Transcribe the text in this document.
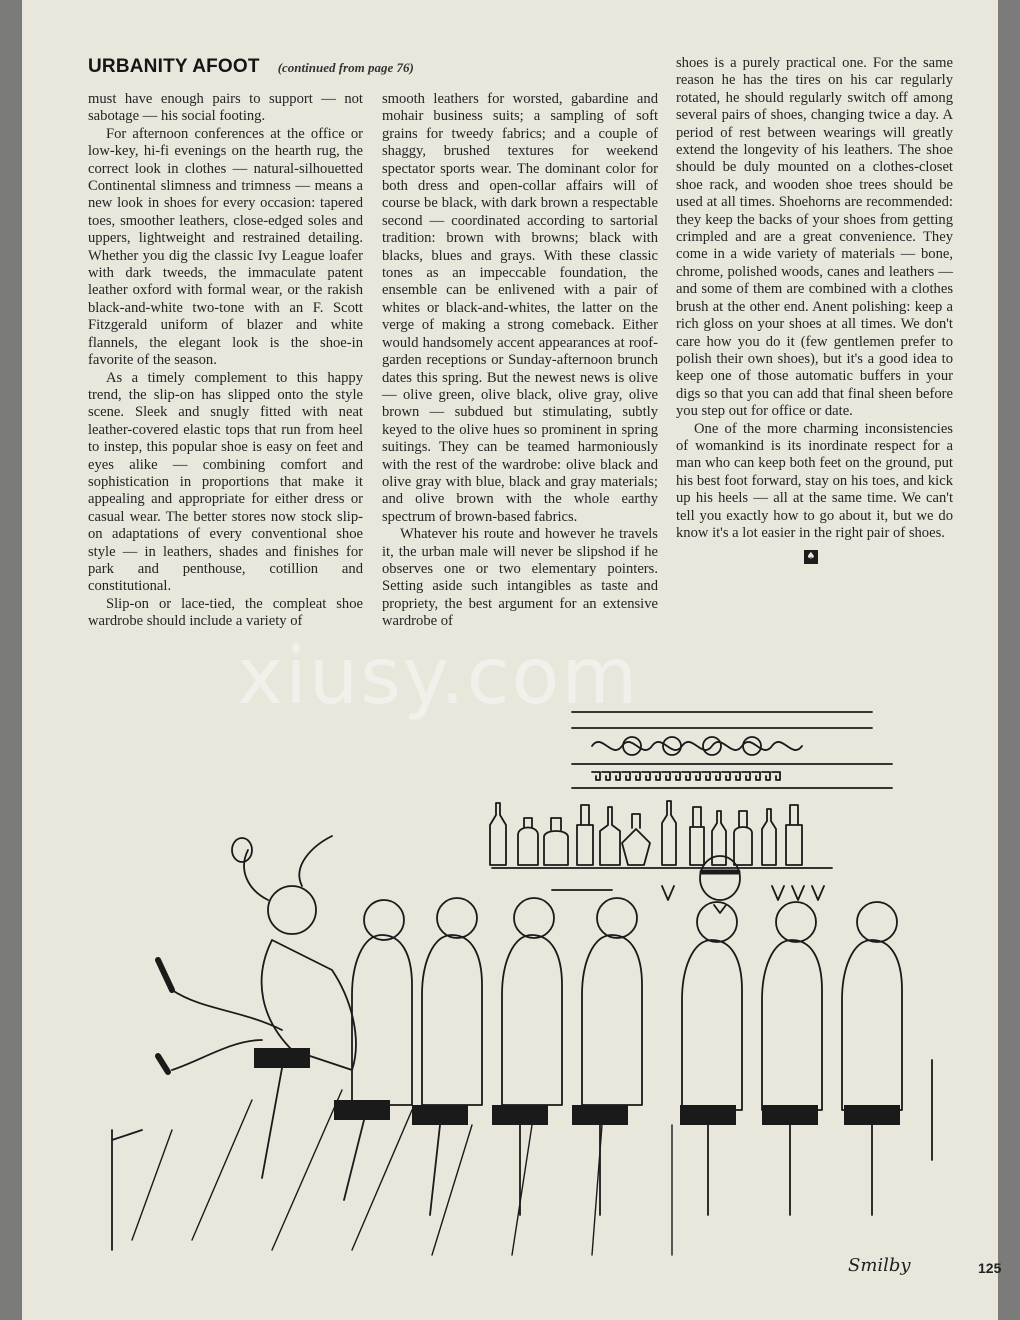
URBANITY AFOOT (continued from page 76)

must have enough pairs to support — not sabotage — his social footing.

For afternoon conferences at the office or low-key, hi-fi evenings on the hearth rug, the correct look in clothes — natural-silhouetted Continental slimness and trimness — means a new look in shoes for every occasion: tapered toes, smoother leathers, close-edged soles and uppers, lightweight and restrained detailing. Whether you dig the classic Ivy League loafer with dark tweeds, the immaculate patent leather oxford with formal wear, or the rakish black-and-white two-tone with an F. Scott Fitzgerald uniform of blazer and white flannels, the elegant look is the shoe-in favorite of the season.

As a timely complement to this happy trend, the slip-on has slipped onto the style scene. Sleek and snugly fitted with neat leather-covered elastic tops that run from heel to instep, this popular shoe is easy on feet and eyes alike — combining comfort and sophistication in proportions that make it appealing and appropriate for either dress or casual wear. The better stores now stock slip-on adaptations of every conventional shoe style — in leathers, shades and finishes for park and penthouse, cotillion and constitutional.

Slip-on or lace-tied, the compleat shoe wardrobe should include a variety of

smooth leathers for worsted, gabardine and mohair business suits; a sampling of soft grains for tweedy fabrics; and a couple of shaggy, brushed textures for weekend spectator sports wear. The dominant color for both dress and open-collar affairs will of course be black, with dark brown a respectable second — coordinated according to sartorial tradition: brown with browns; black with blacks, blues and grays. With these classic tones as an impeccable foundation, the ensemble can be enlivened with a pair of whites or black-and-whites, the latter on the verge of making a strong comeback. Either would handsomely accent appearances at roof-garden receptions or Sunday-afternoon brunch dates this spring. But the newest news is olive — olive green, olive black, olive gray, olive brown — subdued but stimulating, subtly keyed to the olive hues so prominent in spring suitings. They can be teamed harmoniously with the rest of the wardrobe: olive black and olive gray with blue, black and gray materials; and olive brown with the whole earthy spectrum of brown-based fabrics.

Whatever his route and however he travels it, the urban male will never be slipshod if he observes one or two elementary pointers. Setting aside such intangibles as taste and propriety, the best argument for an extensive wardrobe of

shoes is a purely practical one. For the same reason he has the tires on his car regularly rotated, he should regularly switch off among several pairs of shoes, changing twice a day. A period of rest between wearings will greatly extend the longevity of his leathers. The shoe should be duly mounted on a clothes-closet shoe rack, and wooden shoe trees should be used at all times. Shoehorns are recommended: they keep the backs of your shoes from getting crimpled and are a great convenience. They come in a wide variety of materials — bone, chrome, polished woods, canes and leathers — and some of them are combined with a clothes brush at the other end. Anent polishing: keep a rich gloss on your shoes at all times. We don't care how you do it (few gentlemen prefer to polish their own shoes), but it's a good idea to keep one of those automatic buffers in your digs so that you can add that final sheen before you step out for office or date.

One of the more charming inconsistencies of womankind is its inordinate respect for a man who can keep both feet on the ground, put his best foot forward, stay on his toes, and kick up his heels — all at the same time. We can't tell you exactly how to go about it, but we do know it's a lot easier in the right pair of shoes.

♠
xiusy.com
Smilby	125
